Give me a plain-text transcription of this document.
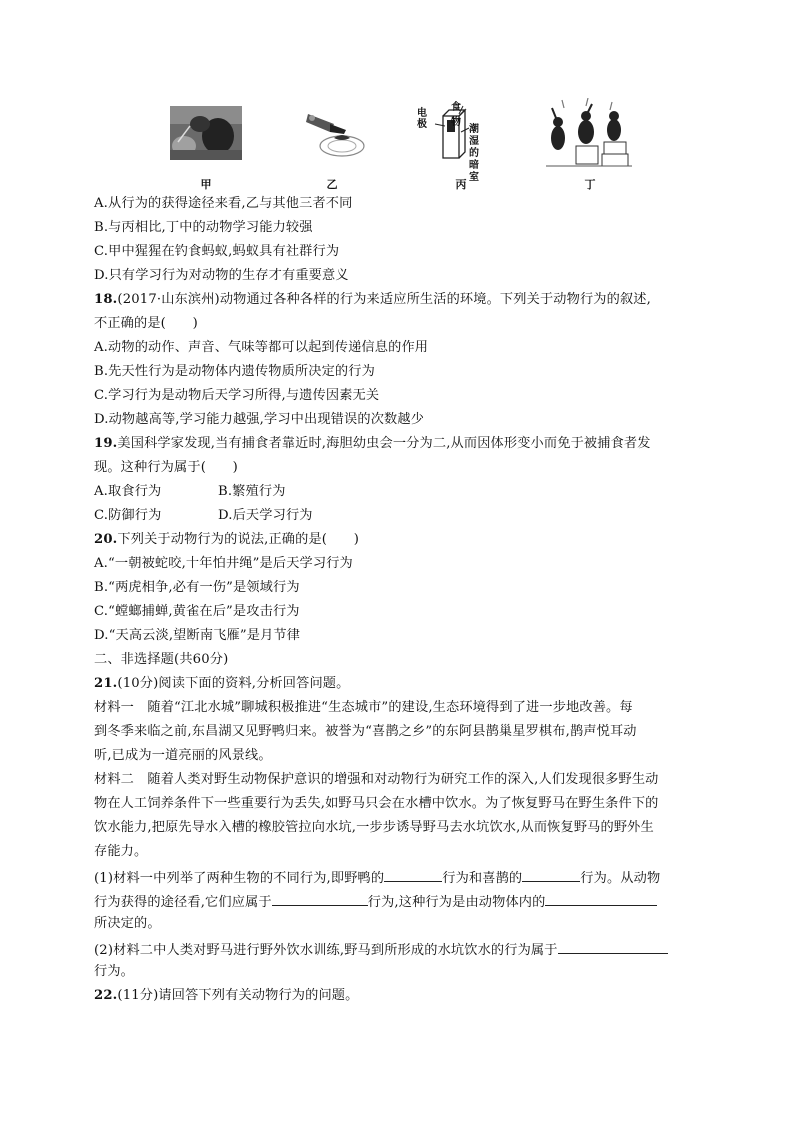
甲	乙
电极
食物
潮湿的
暗室
丙	丁
A.从行为的获得途径来看,乙与其他三者不同
B.与丙相比,丁中的动物学习能力较强
C.甲中猩猩在钓食蚂蚁,蚂蚁具有社群行为
D.只有学习行为对动物的生存才有重要意义
18.(2017·山东滨州)动物通过各种各样的行为来适应所生活的环境。下列关于动物行为的叙述,
不正确的是(　　)
A.动物的动作、声音、气味等都可以起到传递信息的作用
B.先天性行为是动物体内遗传物质所决定的行为
C.学习行为是动物后天学习所得,与遗传因素无关
D.动物越高等,学习能力越强,学习中出现错误的次数越少
19.美国科学家发现,当有捕食者靠近时,海胆幼虫会一分为二,从而因体形变小而免于被捕食者发
现。这种行为属于(　　)
A.取食行为	B.繁殖行为
C.防御行为	D.后天学习行为
20.下列关于动物行为的说法,正确的是(　　)
A.“一朝被蛇咬,十年怕井绳”是后天学习行为
B.“两虎相争,必有一伤”是领域行为
C.“螳螂捕蝉,黄雀在后”是攻击行为
D.“天高云淡,望断南飞雁”是月节律
二、非选择题(共60分)
21.(10分)阅读下面的资料,分析回答问题。
材料一　随着“江北水城”聊城积极推进“生态城市”的建设,生态环境得到了进一步地改善。每
到冬季来临之前,东昌湖又见野鸭归来。被誉为“喜鹊之乡”的东阿县鹊巢星罗棋布,鹊声悦耳动
听,已成为一道亮丽的风景线。
材料二　随着人类对野生动物保护意识的增强和对动物行为研究工作的深入,人们发现很多野生动
物在人工饲养条件下一些重要行为丢失,如野马只会在水槽中饮水。为了恢复野马在野生条件下的
饮水能力,把原先导水入槽的橡胶管拉向水坑,一步步诱导野马去水坑饮水,从而恢复野马的野外生
存能力。
(1)材料一中列举了两种生物的不同行为,即野鸭的	行为和喜鹊的	行为。从动物
行为获得的途径看,它们应属于	行为,这种行为是由动物体内的
所决定的。
(2)材料二中人类对野马进行野外饮水训练,野马到所形成的水坑饮水的行为属于
行为。
22.(11分)请回答下列有关动物行为的问题。
